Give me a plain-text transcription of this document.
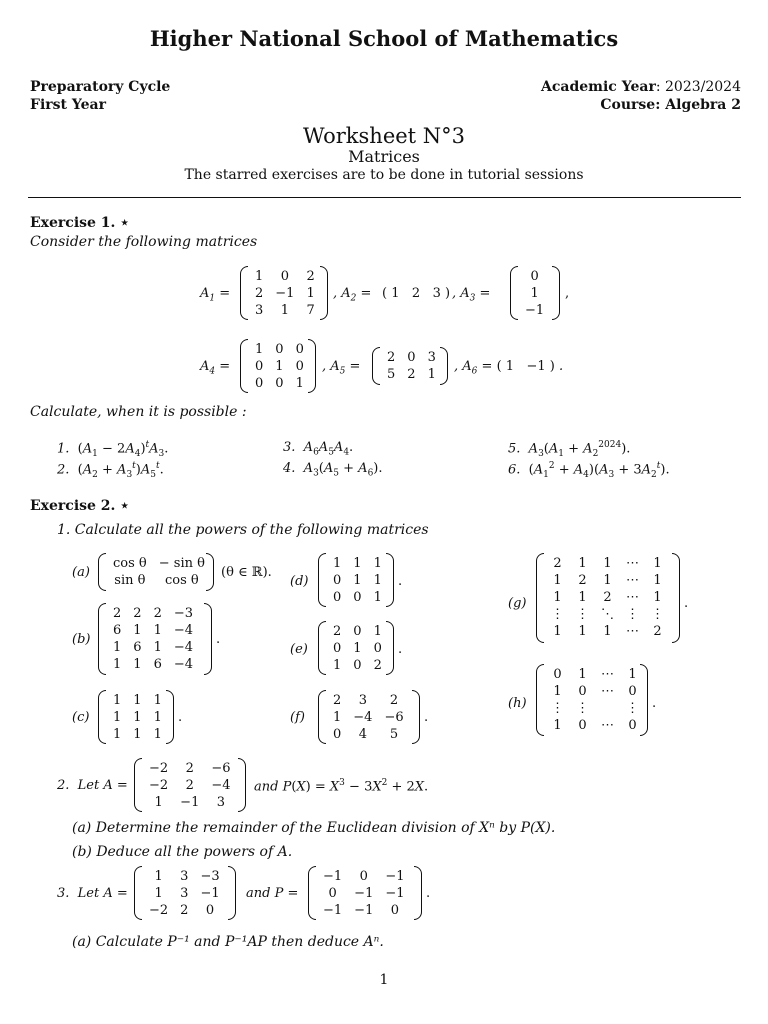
Higher National School of Mathematics
Preparatory Cycle
First Year
Academic Year: 2023/2024
Course: Algebra 2
Worksheet N°3
Matrices
The starred exercises are to be done in tutorial sessions
Exercise 1. ⋆
Consider the following matrices
$A_1$ =
1	0	2
2	−1	1
3	1	7
, $A_2$ = ( 1 2 3 ) , $A_3$ =
0
1
−1
,
$A_4$ =
1	0	0
0	1	0
0	0	1
, $A_5$ =
2	0	3
5	2	1
, $A_6$ = ( 1 −1 ) .
Calculate, when it is possible :
1.  $(A_1 - 2A_4)^tA_3$.
2.  $(A_2 + A_3^t)A_5^t$.
3. $A_6A_5A_4$.
4. $A_3(A_5 + A_6)$.
5. $A_3(A_1 + A_2^{2024})$.
6.  $(A_1^2 + A_4)(A_3 + 3A_2^t)$.
Exercise 2. ⋆
1. Calculate all the powers of the following matrices
(a)
cos θ	− sin θ
sin θ	cos θ
(θ ∈ ℝ).
(b)
2	2	2	−3
6	1	1	−4
1	6	1	−4
1	1	6	−4
.
(c)
1	1	1
1	1	1
1	1	1
.
(d)
1	1	1
0	1	1
0	0	1
.
(e)
2	0	1
0	1	0
1	0	2
.
(f)
2	3	2
1	−4	−6
0	4	5
.
(g)
2	1	1	⋯	1
1	2	1	⋯	1
1	1	2	⋯	1
⋮	⋮	⋱	⋮	⋮
1	1	1	⋯	2
.
(h)
0	1	⋯	1
1	0	⋯	0
⋮	⋮		⋮
1	0	⋯	0
.
2.  Let A =
−2	2	−6
−2	2	−4
1	−1	3
and $P(X) = X^3 - 3X^2 + 2X$.
(a) Determine the remainder of the Euclidean division of Xⁿ by P(X).
(b) Deduce all the powers of A.
3.  Let A =
1	3	−3
1	3	−1
−2	2	0
and P =
−1	0	−1
0	−1	−1
−1	−1	0
.
(a) Calculate P⁻¹ and P⁻¹AP then deduce Aⁿ.
1
